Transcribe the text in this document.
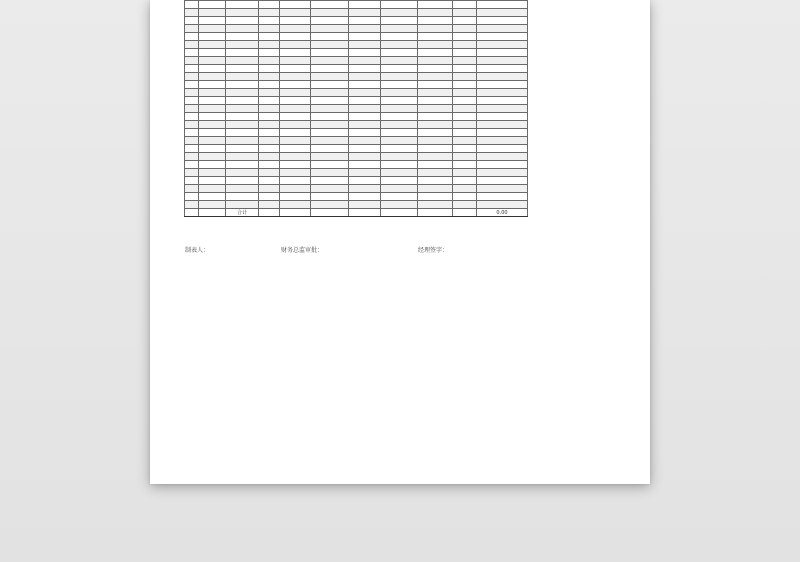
		合计								0.00
制表人：	财务总监审批：	经理签字：
